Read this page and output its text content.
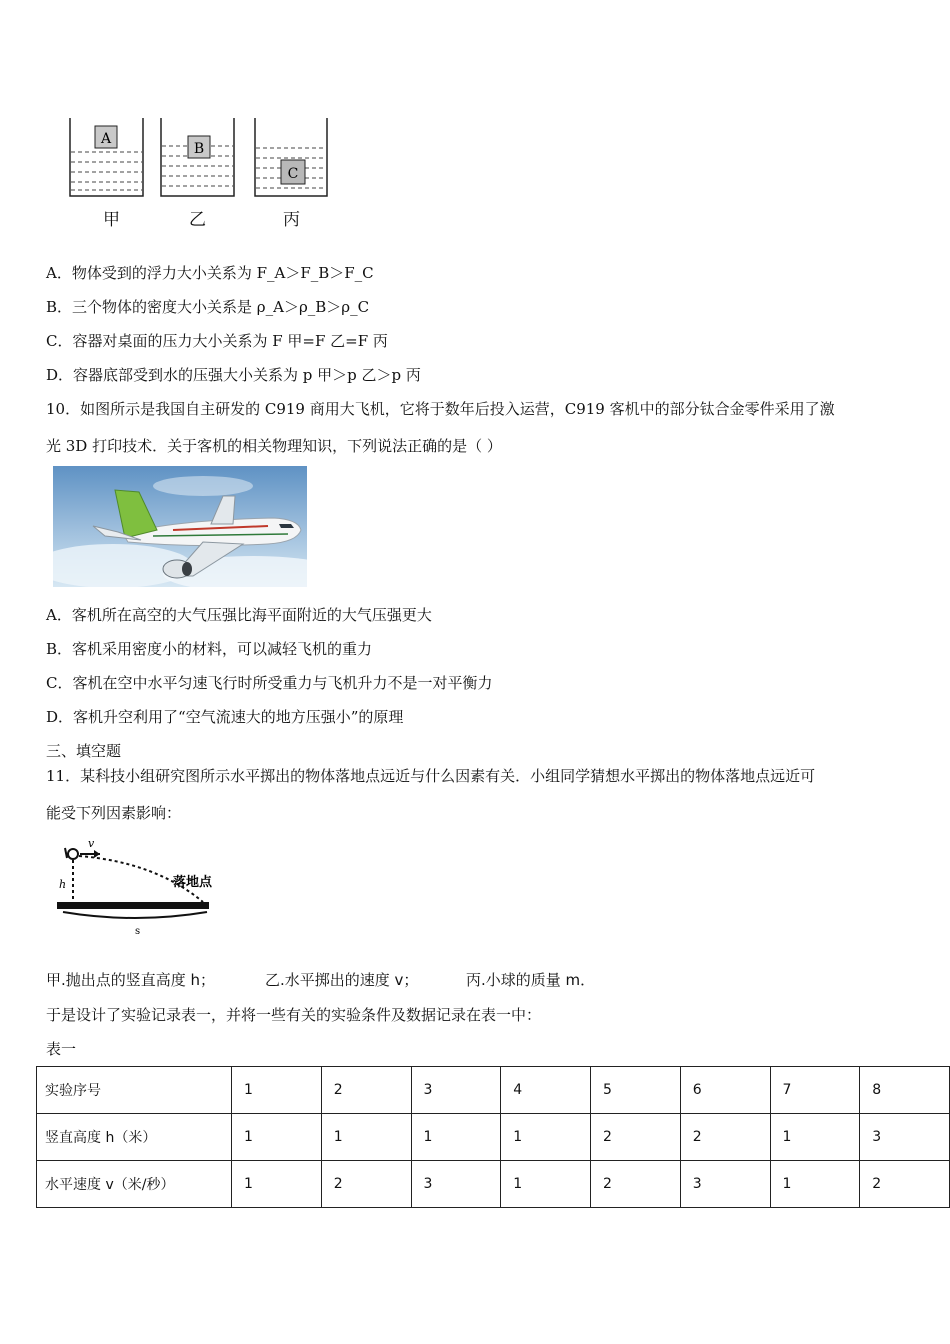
A
B
C
甲	乙	丙
A．物体受到的浮力大小关系为 F_A＞F_B＞F_C
B．三个物体的密度大小关系是 ρ_A＞ρ_B＞ρ_C
C．容器对桌面的压力大小关系为 F 甲=F 乙=F 丙
D．容器底部受到水的压强大小关系为 p 甲＞p 乙＞p 丙
10．如图所示是我国自主研发的 C919 商用大飞机，它将于数年后投入运营，C919 客机中的部分钛合金零件采用了激
光 3D 打印技术．关于客机的相关物理知识，下列说法正确的是（ ）
A．客机所在高空的大气压强比海平面附近的大气压强更大
B．客机采用密度小的材料，可以减轻飞机的重力
C．客机在空中水平匀速飞行时所受重力与飞机升力不是一对平衡力
D．客机升空利用了“空气流速大的地方压强小”的原理
三、填空题
11．某科技小组研究图所示水平掷出的物体落地点远近与什么因素有关．小组同学猜想水平掷出的物体落地点远近可
能受下列因素影响：
v
h	落地点
s
甲.抛出点的竖直高度 h；	乙.水平掷出的速度 v；	丙.小球的质量 m．
于是设计了实验记录表一，并将一些有关的实验条件及数据记录在表一中：
表一
实验序号	1	2	3	4	5	6	7	8
竖直高度 h（米）	1	1	1	1	2	2	1	3
水平速度 v（米/秒）	1	2	3	1	2	3	1	2
